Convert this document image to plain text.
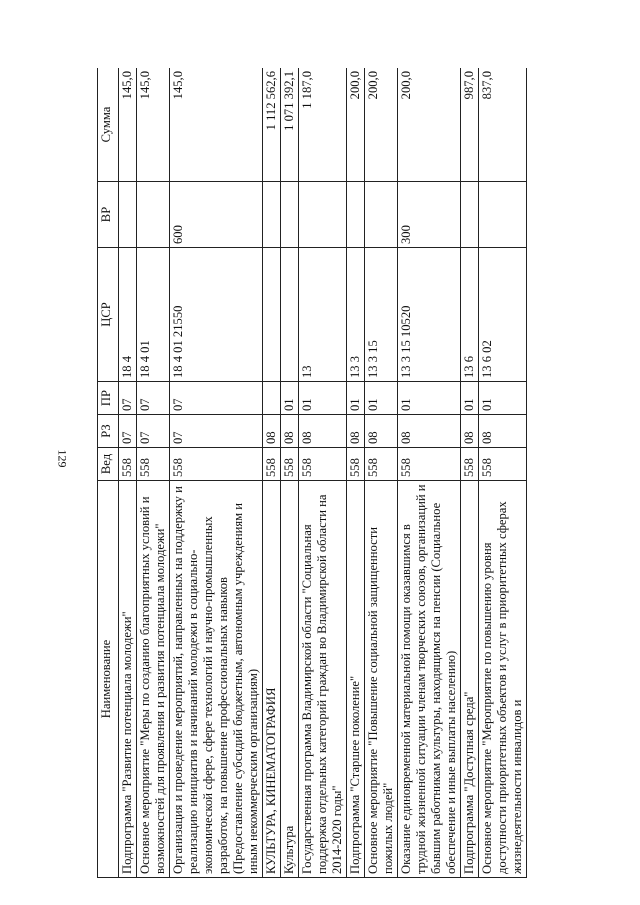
129
Наименование	Вед	РЗ	ПР	ЦСР	ВР	Сумма
Подпрограмма "Развитие потенциала молодежи"	558	07	07	18 4		145,0
Основное мероприятие "Меры по созданию благоприятных условий и возможностей для проявления и развития потенциала молодежи"	558	07	07	18 4 01		145,0
Организация и проведение мероприятий, направленных на поддержку и реализацию инициатив и начинаний молодежи в социально-экономической сфере, сфере технологий и научно-промышленных разработок, на повышение профессиональных навыков (Предоставление субсидий бюджетным, автономным учреждениям и иным некоммерческим организациям)	558	07	07	18 4 01 21550	600	145,0
КУЛЬТУРА, КИНЕМАТОГРАФИЯ	558	08				1 112 562,6
Культура	558	08	01			1 071 392,1
Государственная программа Владимирской области "Социальная поддержка отдельных категорий граждан во Владимирской области на 2014-2020 годы"	558	08	01	13		1 187,0
Подпрограмма "Старшее поколение"	558	08	01	13 3		200,0
Основное мероприятие "Повышение социальной защищенности пожилых людей"	558	08	01	13 3 15		200,0
Оказание единовременной материальной помощи оказавшимся в трудной жизненной ситуации членам творческих союзов, организаций и бывшим работникам культуры, находящимся на пенсии (Социальное обеспечение и иные выплаты населению)	558	08	01	13 3 15 10520	300	200,0
Подпрограмма "Доступная среда"	558	08	01	13 6		987,0
Основное мероприятие "Мероприятие по повышению уровня доступности приоритетных объектов и услуг в приоритетных сферах жизнедеятельности инвалидов и	558	08	01	13 6 02		837,0
